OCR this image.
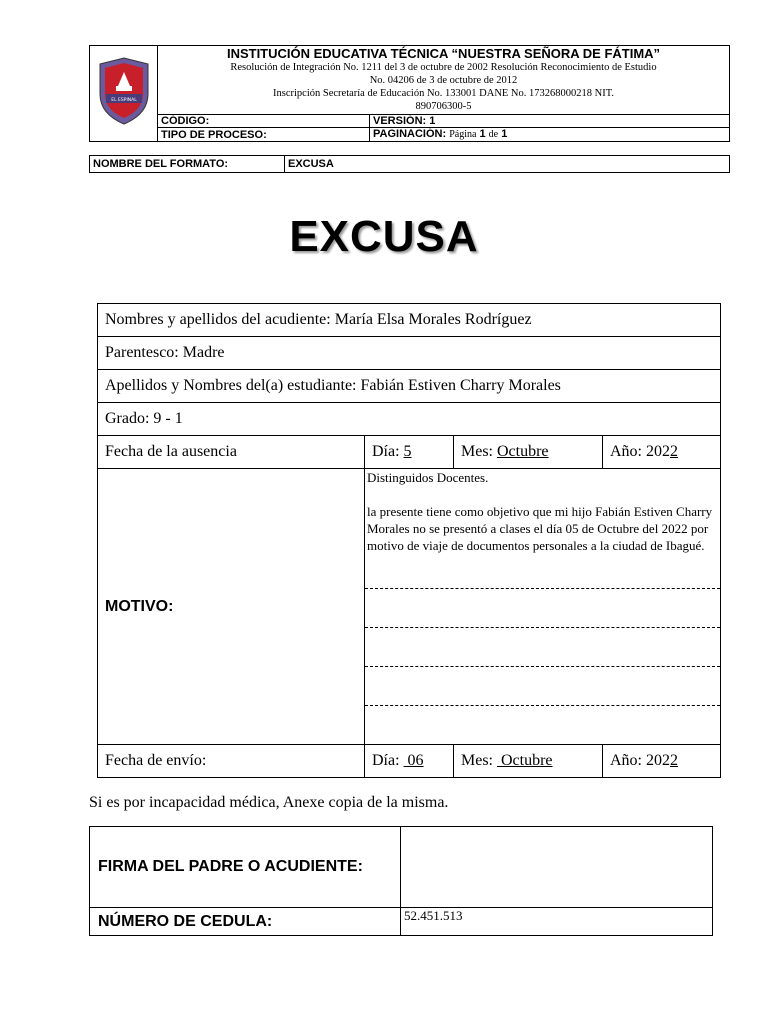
EL ESPINAL	INSTITUCIÓN EDUCATIVA TÉCNICA “NUESTRA SEÑORA DE FÁTIMA”
Resolución de Integración No. 1211 del 3 de octubre de 2002 Resolución Reconocimiento de Estudio
No. 04206 de 3 de octubre de 2012
Inscripción Secretaría de Educación No. 133001 DANE No. 173268000218 NIT.
890706300-5	

	CÓDIGO:	VERSIÓN: 1
	TIPO DE PROCESO:	PAGINACIÓN: Página 1 de 1
NOMBRE DEL FORMATO:	EXCUSA
EXCUSA
Nombres y apellidos del acudiente: María Elsa Morales Rodríguez			
Parentesco: Madre			
Apellidos y Nombres del(a) estudiante: Fabián Estiven Charry Morales			
Grado: 9 - 1			
Fecha de la ausencia	Día: 5	Mes: Octubre	Año: 2022
MOTIVO:	Distinguidos Docentes.
la presente tiene como objetivo que mi hijo Fabián Estiven Charry Morales no se presentó a clases el día 05 de Octubre del 2022 por motivo de viaje de documentos personales a la ciudad de Ibagué.		

Fecha de envío:	Día: 06	Mes: Octubre	Año: 2022
Si es por incapacidad médica, Anexe copia de la misma.
FIRMA DEL PADRE O ACUDIENTE:	
NÚMERO DE CEDULA:	52.451.513
